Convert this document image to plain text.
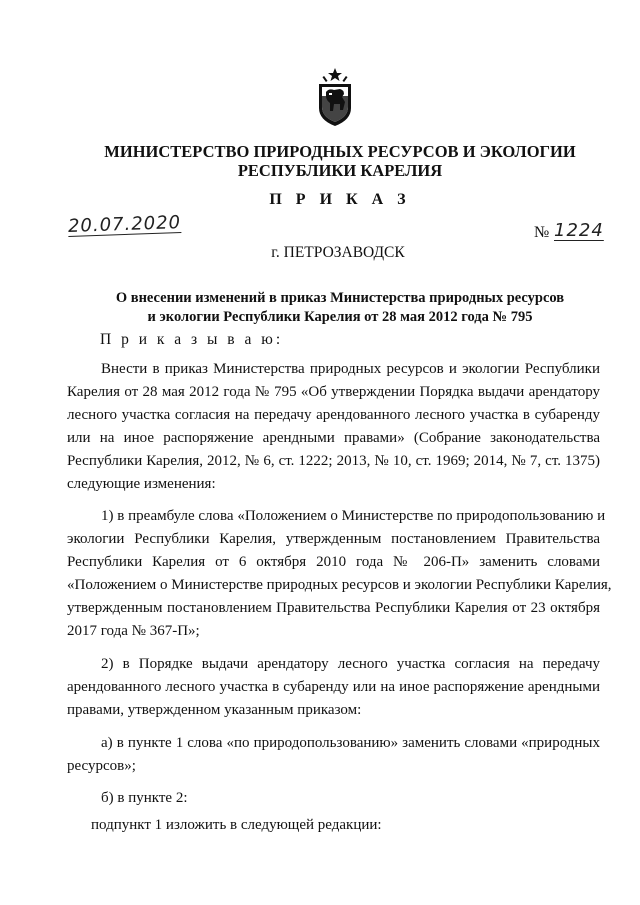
МИНИСТЕРСТВО ПРИРОДНЫХ РЕСУРСОВ И ЭКОЛОГИИ
РЕСПУБЛИКИ КАРЕЛИЯ
П Р И К А З
20.07.2020	№ 1224
г. ПЕТРОЗАВОДСК
О внесении изменений в приказ Министерства природных ресурсов
и экологии Республики Карелия от 28 мая 2012 года № 795
П р и к а з ы в а ю:
Внести в приказ Министерства природных ресурсов и экологии Республики
Карелия от 28 мая 2012 года № 795 «Об утверждении Порядка выдачи арендатору
лесного участка согласия на передачу арендованного лесного участка в субаренду
или на иное распоряжение арендными правами» (Собрание законодательства
Республики Карелия, 2012, № 6, ст. 1222; 2013, № 10, ст. 1969; 2014, № 7, ст. 1375)
следующие изменения:
1) в преамбуле слова «Положением о Министерстве по природопользованию и
экологии Республики Карелия, утвержденным постановлением Правительства
Республики Карелия от 6 октября 2010 года № 206-П» заменить словами
«Положением о Министерстве природных ресурсов и экологии Республики Карелия,
утвержденным постановлением Правительства Республики Карелия от 23 октября
2017 года № 367-П»;
2) в Порядке выдачи арендатору лесного участка согласия на передачу
арендованного лесного участка в субаренду или на иное распоряжение арендными
правами, утвержденном указанным приказом:
а) в пункте 1 слова «по природопользованию» заменить словами «природных
ресурсов»;
б) в пункте 2:
подпункт 1 изложить в следующей редакции:
